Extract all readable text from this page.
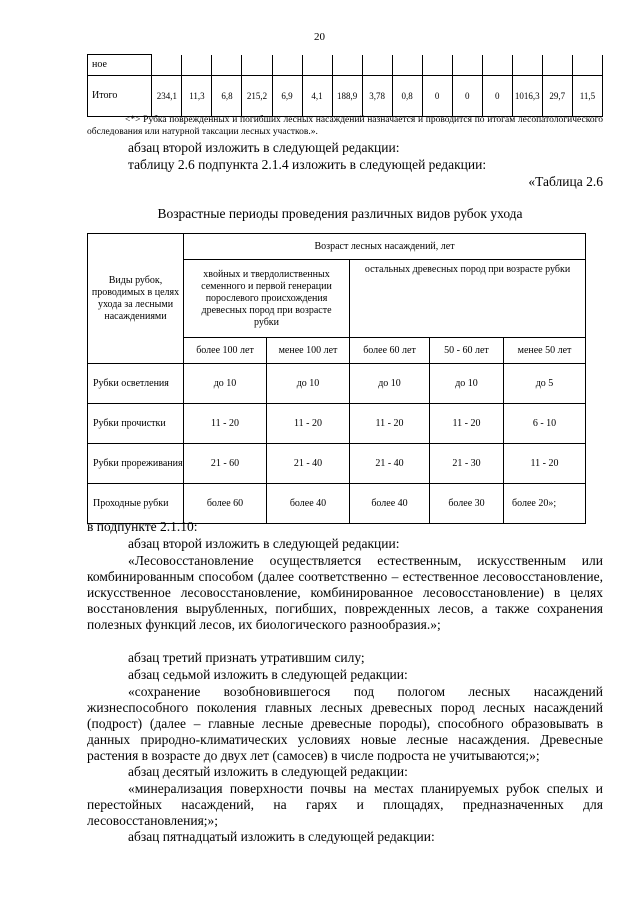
20
ное															
Итого	234,1	11,3	6,8	215,2	6,9	4,1	188,9	3,78	0,8	0	0	0	1016,3	29,7	11,5

<*> Рубка поврежденных и погибших лесных насаждений назначается и проводится по итогам лесопатологического обследования или натурной таксации лесных участков.».

абзац второй изложить в следующей редакции:

таблицу 2.6 подпункта 2.1.4 изложить в следующей редакции:

«Таблица 2.6

Возрастные периоды проведения различных видов рубок ухода

Виды рубок, проводимых в целях ухода за лесными насаждениями	Возраст лесных насаждений, лет				
	хвойных и твердолиственных семенного и первой генерации порослевого происхождения древесных пород при возрасте рубки		остальных древесных пород при возрасте рубки		
	более 100 лет	менее 100 лет	более 60 лет	50 - 60 лет	менее 50 лет
Рубки осветления	до 10	до 10	до 10	до 10	до 5
Рубки прочистки	11 - 20	11 - 20	11 - 20	11 - 20	6 - 10
Рубки прореживания	21 - 60	21 - 40	21 - 40	21 - 30	11 - 20
Проходные рубки	более 60	более 40	более 40	более 30	более 20»;

в подпункте 2.1.10:

абзац второй изложить в следующей редакции:

«Лесовосстановление осуществляется естественным, искусственным или комбинированным способом (далее соответственно – естественное лесовосстановление, искусственное лесовосстановление, комбинированное лесовосстановление) в целях восстановления вырубленных, погибших, поврежденных лесов, а также сохранения полезных функций лесов, их биологического разнообразия.»;

абзац третий признать утратившим силу;

абзац седьмой изложить в следующей редакции:

«сохранение возобновившегося под пологом лесных насаждений жизнеспособного поколения главных лесных древесных пород лесных насаждений (подрост) (далее – главные лесные древесные породы), способного образовывать в данных природно-климатических условиях новые лесные насаждения. Древесные растения в возрасте до двух лет (самосев) в числе подроста не учитываются;»;

абзац десятый изложить в следующей редакции:

«минерализация поверхности почвы на местах планируемых рубок спелых и перестойных насаждений, на гарях и площадях, предназначенных для лесовосстановления;»;

абзац пятнадцатый изложить в следующей редакции:
